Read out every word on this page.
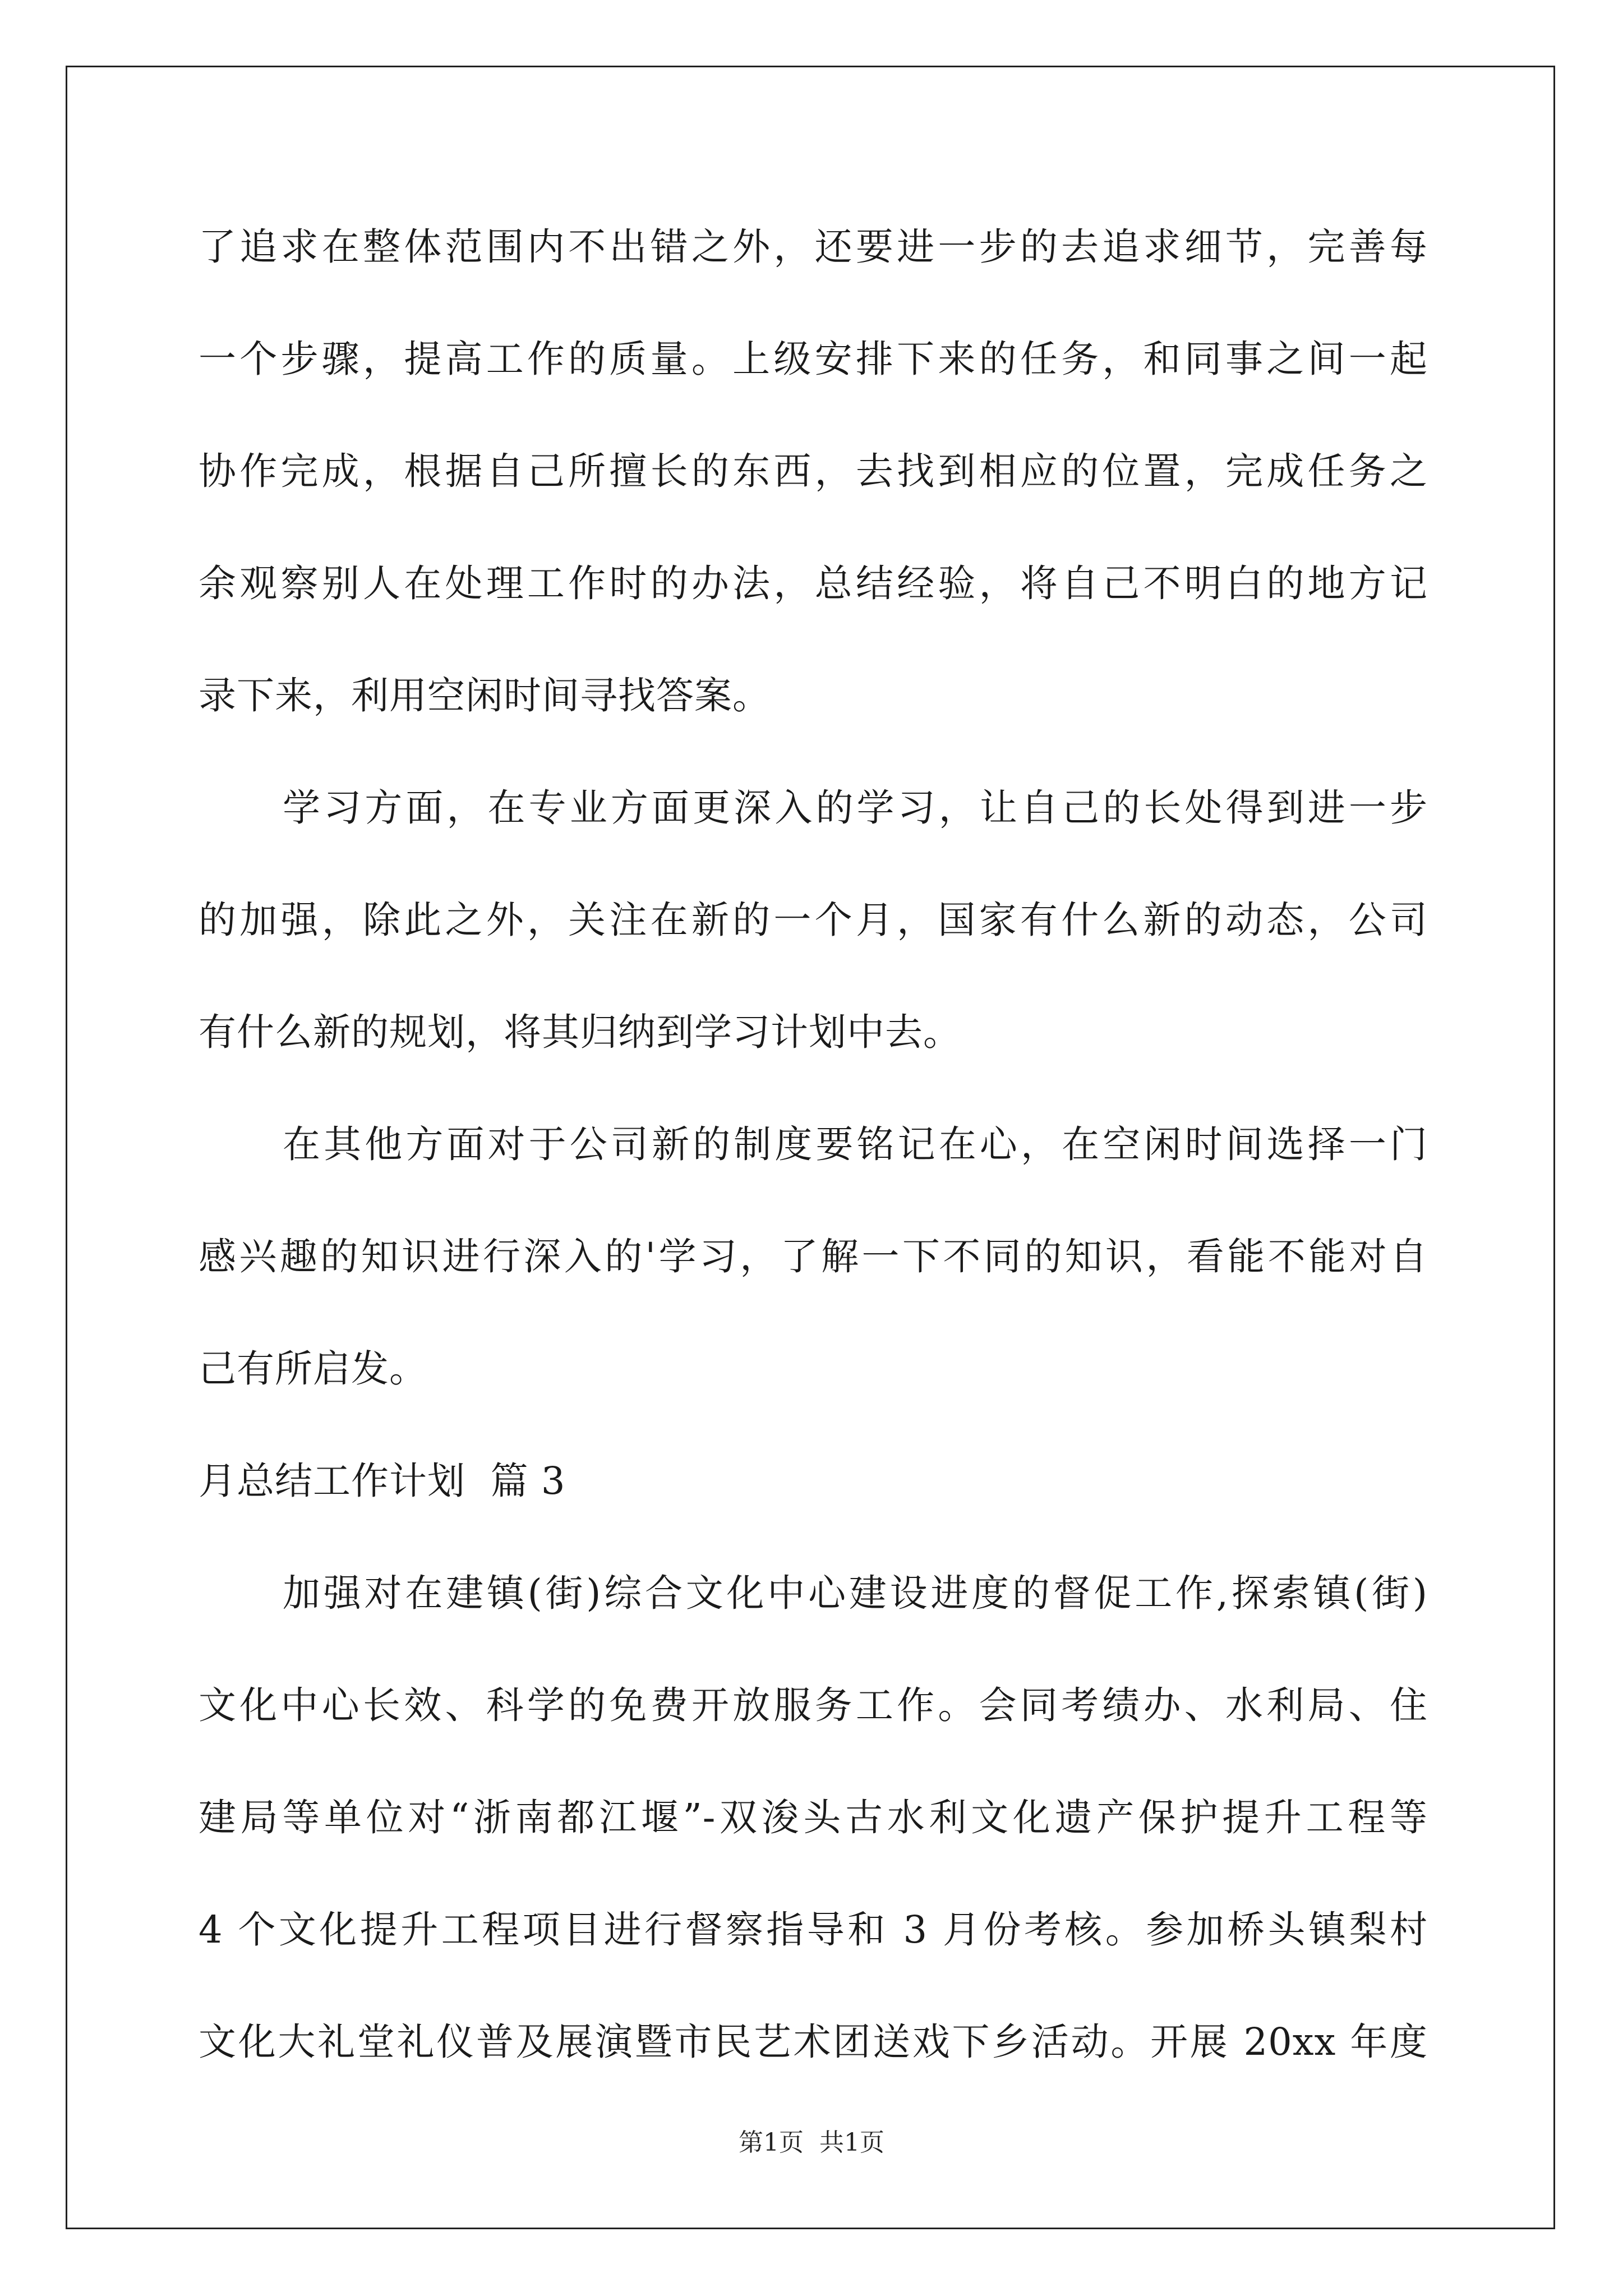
了追求在整体范围内不出错之外，还要进一步的去追求细节，完善每
一个步骤，提高工作的质量。上级安排下来的任务，和同事之间一起
协作完成，根据自己所擅长的东西，去找到相应的位置，完成任务之
余观察别人在处理工作时的办法，总结经验，将自己不明白的地方记
录下来，利用空闲时间寻找答案。
学习方面，在专业方面更深入的学习，让自己的长处得到进一步
的加强，除此之外，关注在新的一个月，国家有什么新的动态，公司
有什么新的规划，将其归纳到学习计划中去。
在其他方面对于公司新的制度要铭记在心，在空闲时间选择一门
感兴趣的知识进行深入的'学习，了解一下不同的知识，看能不能对自
己有所启发。
月总结工作计划  篇 3
加强对在建镇(街)综合文化中心建设进度的督促工作,探索镇(街)
文化中心长效、科学的免费开放服务工作。会同考绩办、水利局、住
建局等单位对“浙南都江堰”-双浚头古水利文化遗产保护提升工程等
4 个文化提升工程项目进行督察指导和 3 月份考核。参加桥头镇梨村
文化大礼堂礼仪普及展演暨市民艺术团送戏下乡活动。开展 20xx 年度
第1页  共1页
